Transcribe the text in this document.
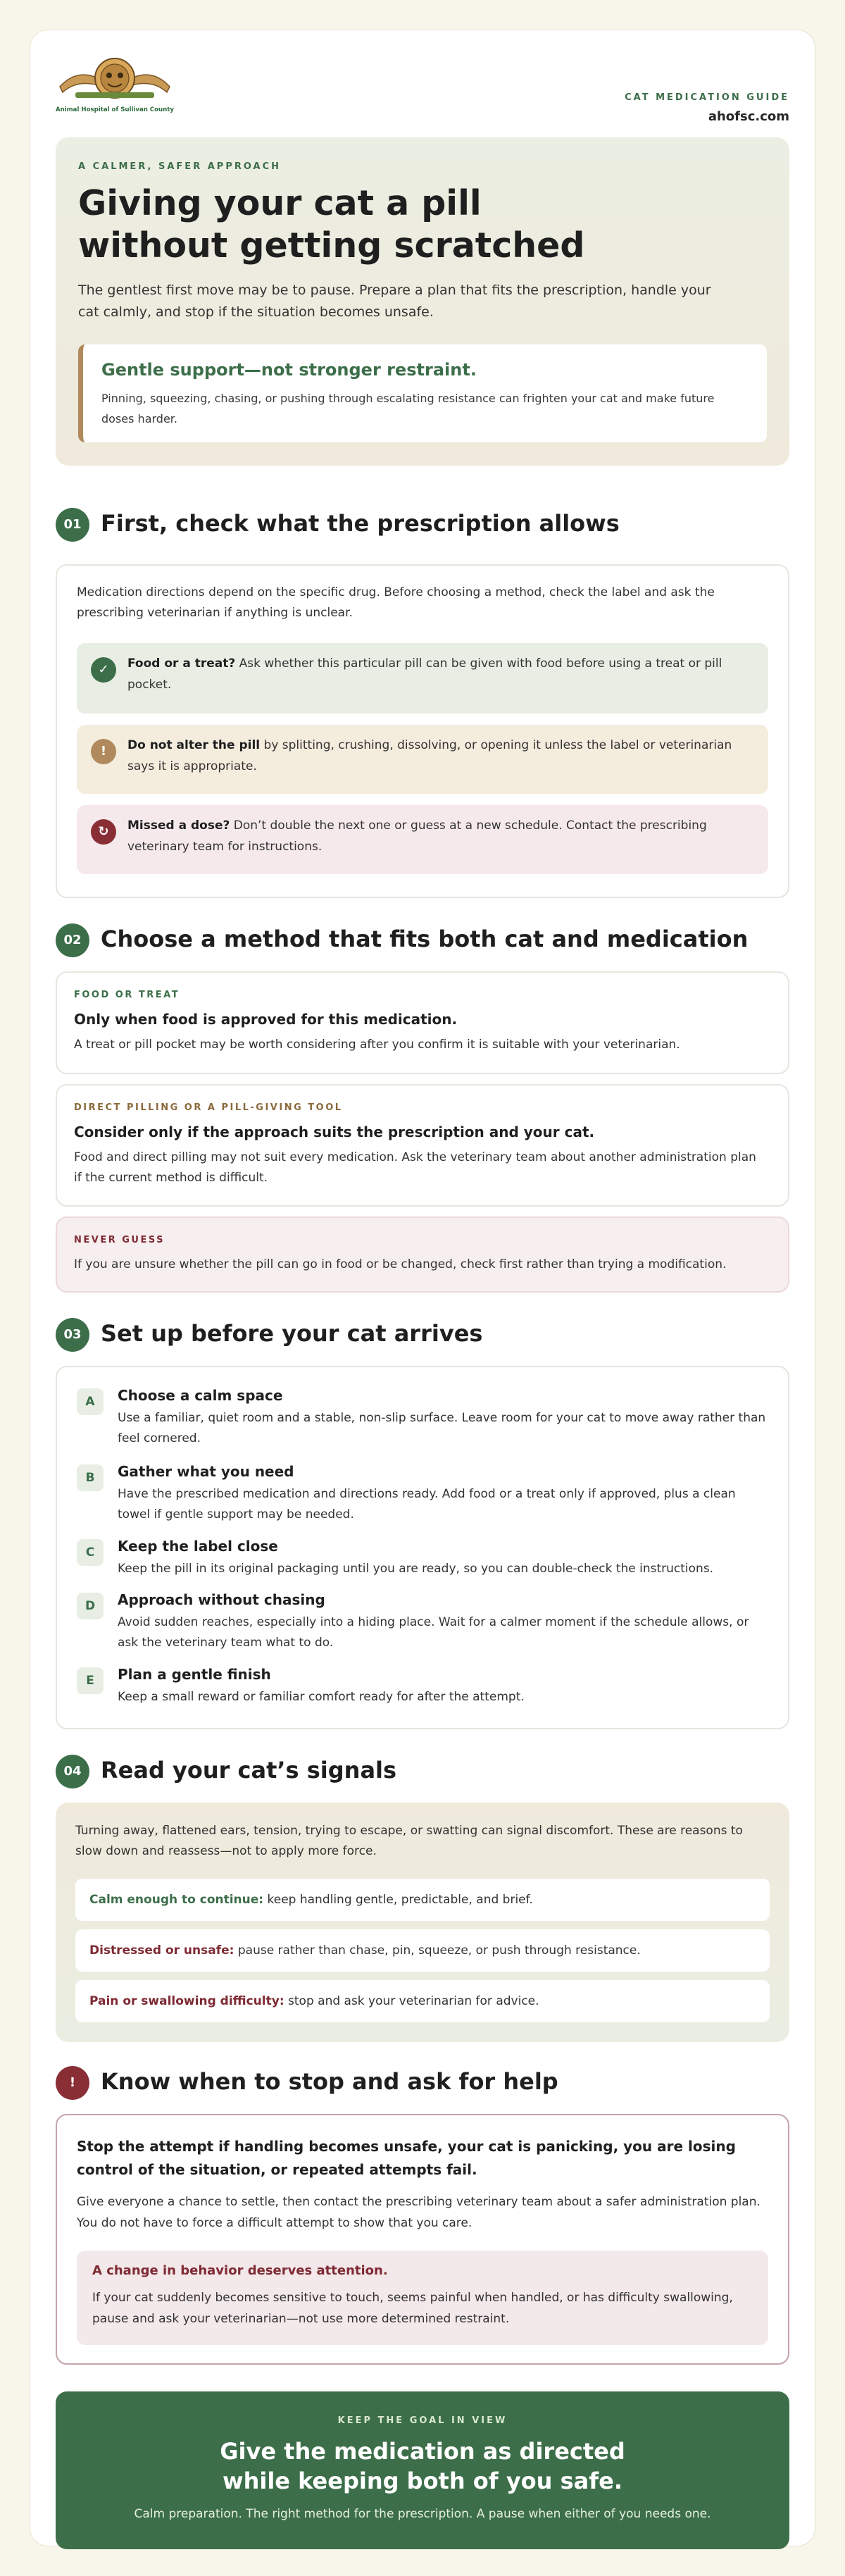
Animal Hospital of Sullivan County
CAT MEDICATION GUIDE
ahofsc.com
A CALMER, SAFER APPROACH
Giving your cat a pill
without getting scratched

The gentlest first move may be to pause. Prepare a plan that fits the prescription, handle your cat calmly, and stop if the situation becomes unsafe.

Gentle support—not stronger restraint.

Pinning, squeezing, chasing, or pushing through escalating resistance can frighten your cat and make future doses harder.

01 First, check what the prescription allows

Medication directions depend on the specific drug. Before choosing a method, check the label and ask the prescribing veterinarian if anything is unclear.

✓	Food or a treat? Ask whether this particular pill can be given with food before using a treat or pill pocket.
!	Do not alter the pill by splitting, crushing, dissolving, or opening it unless the label or veterinarian says it is appropriate.
↻	Missed a dose? Don’t double the next one or guess at a new schedule. Contact the prescribing veterinary team for instructions.
02 Choose a method that fits both cat and medication
FOOD OR TREAT
Only when food is approved for this medication.

A treat or pill pocket may be worth considering after you confirm it is suitable with your veterinarian.

DIRECT PILLING OR A PILL-GIVING TOOL
Consider only if the approach suits the prescription and your cat.

Food and direct pilling may not suit every medication. Ask the veterinary team about another administration plan if the current method is difficult.

NEVER GUESS

If you are unsure whether the pill can go in food or be changed, check first rather than trying a modification.

03 Set up before your cat arrives
A	Choose a calm space

Use a familiar, quiet room and a stable, non-slip surface. Leave room for your cat to move away rather than feel cornered.

B	Gather what you need

Have the prescribed medication and directions ready. Add food or a treat only if approved, plus a clean towel if gentle support may be needed.

C	Keep the label close

Keep the pill in its original packaging until you are ready, so you can double-check the instructions.

D	Approach without chasing

Avoid sudden reaches, especially into a hiding place. Wait for a calmer moment if the schedule allows, or ask the veterinary team what to do.

E	Plan a gentle finish

Keep a small reward or familiar comfort ready for after the attempt.

04 Read your cat’s signals

Turning away, flattened ears, tension, trying to escape, or swatting can signal discomfort. These are reasons to slow down and reassess—not to apply more force.

Calm enough to continue: keep handling gentle, predictable, and brief.
Distressed or unsafe: pause rather than chase, pin, squeeze, or push through resistance.
Pain or swallowing difficulty: stop and ask your veterinarian for advice.
!	Know when to stop and ask for help

Stop the attempt if handling becomes unsafe, your cat is panicking, you are losing control of the situation, or repeated attempts fail.

Give everyone a chance to settle, then contact the prescribing veterinary team about a safer administration plan. You do not have to force a difficult attempt to show that you care.

A change in behavior deserves attention.

If your cat suddenly becomes sensitive to touch, seems painful when handled, or has difficulty swallowing, pause and ask your veterinarian—not use more determined restraint.

KEEP THE GOAL IN VIEW
Give the medication as directed
while keeping both of you safe.
Calm preparation. The right method for the prescription. A pause when either of you needs one.
